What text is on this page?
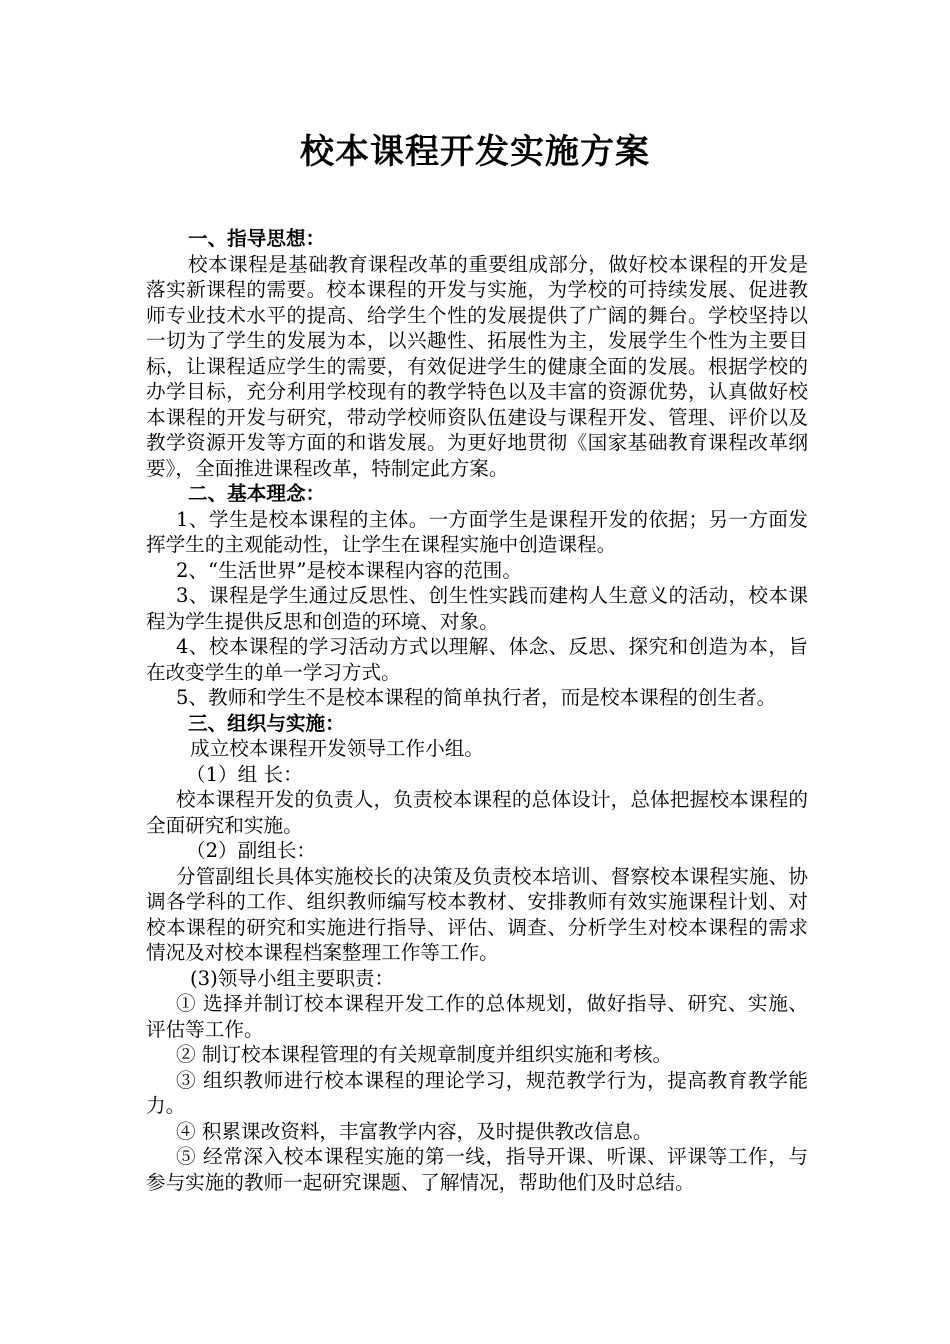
校本课程开发实施方案

一、指导思想：

校本课程是基础教育课程改革的重要组成部分，做好校本课程的开发是落实新课程的需要。校本课程的开发与实施，为学校的可持续发展、促进教师专业技术水平的提高、给学生个性的发展提供了广阔的舞台。学校坚持以一切为了学生的发展为本，以兴趣性、拓展性为主，发展学生个性为主要目标，让课程适应学生的需要，有效促进学生的健康全面的发展。根据学校的办学目标，充分利用学校现有的教学特色以及丰富的资源优势，认真做好校本课程的开发与研究，带动学校师资队伍建设与课程开发、管理、评价以及教学资源开发等方面的和谐发展。为更好地贯彻《国家基础教育课程改革纲要》，全面推进课程改革，特制定此方案。

二、基本理念：

1、学生是校本课程的主体。一方面学生是课程开发的依据；另一方面发挥学生的主观能动性，让学生在课程实施中创造课程。

2、“生活世界”是校本课程内容的范围。

3、课程是学生通过反思性、创生性实践而建构人生意义的活动，校本课程为学生提供反思和创造的环境、对象。

4、校本课程的学习活动方式以理解、体念、反思、探究和创造为本，旨在改变学生的单一学习方式。

5、教师和学生不是校本课程的简单执行者，而是校本课程的创生者。

三、组织与实施：

成立校本课程开发领导工作小组。

（1）组 长：

校本课程开发的负责人，负责校本课程的总体设计，总体把握校本课程的全面研究和实施。

（2）副组长：

分管副组长具体实施校长的决策及负责校本培训、督察校本课程实施、协调各学科的工作、组织教师编写校本教材、安排教师有效实施课程计划、对校本课程的研究和实施进行指导、评估、调查、分析学生对校本课程的需求情况及对校本课程档案整理工作等工作。

(3)领导小组主要职责：

① 选择并制订校本课程开发工作的总体规划，做好指导、研究、实施、评估等工作。

② 制订校本课程管理的有关规章制度并组织实施和考核。

③ 组织教师进行校本课程的理论学习，规范教学行为，提高教育教学能力。

④ 积累课改资料，丰富教学内容，及时提供教改信息。

⑤ 经常深入校本课程实施的第一线，指导开课、听课、评课等工作，与参与实施的教师一起研究课题、了解情况，帮助他们及时总结。
